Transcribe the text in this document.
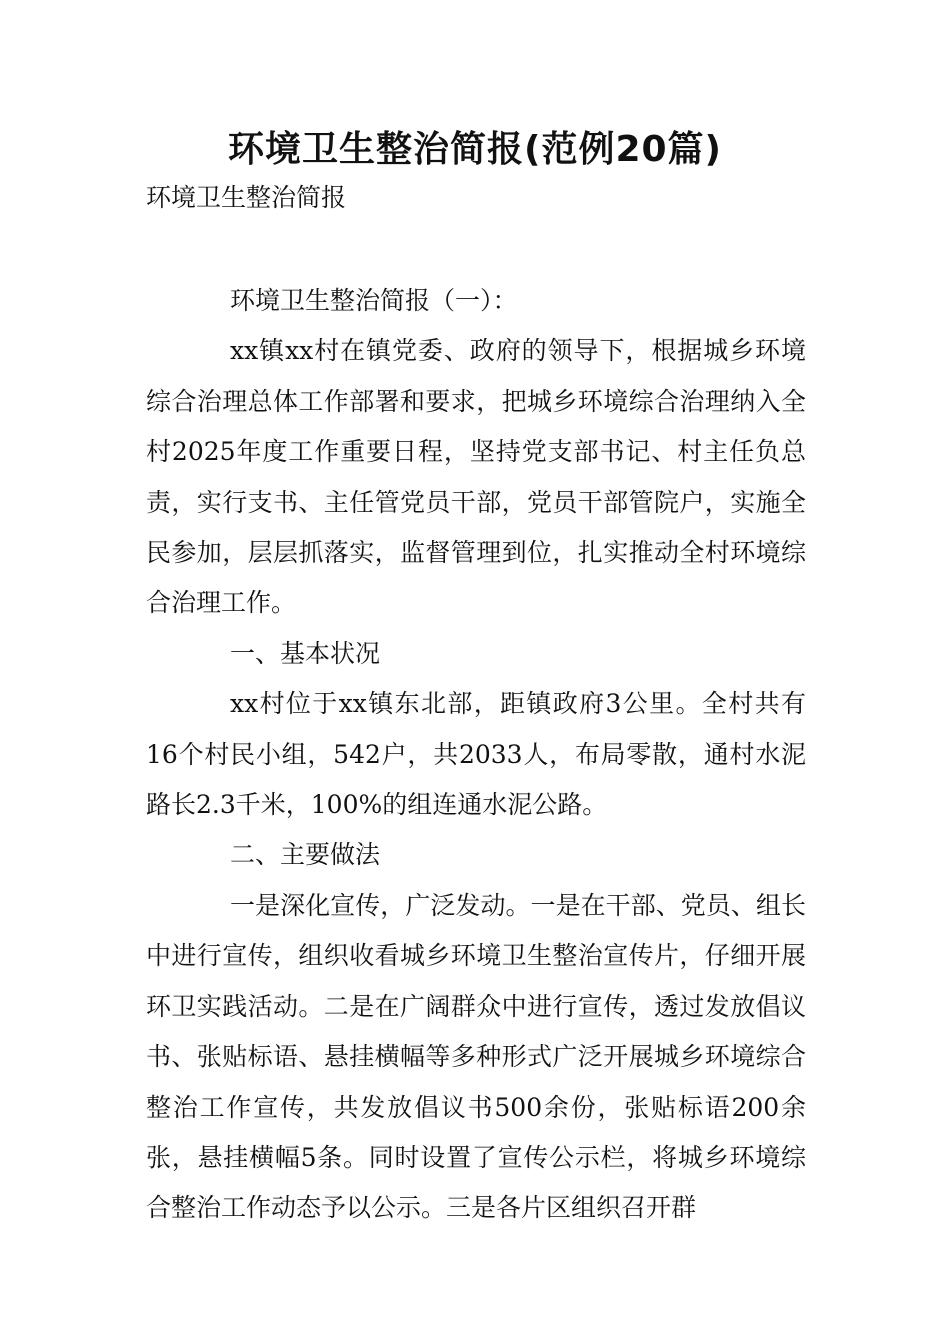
环境卫生整治简报(范例20篇)
环境卫生整治简报

环境卫生整治简报（一）：

xx镇xx村在镇党委、政府的领导下，根据城乡环境综合治理总体工作部署和要求，把城乡环境综合治理纳入全村2025年度工作重要日程，坚持党支部书记、村主任负总责，实行支书、主任管党员干部，党员干部管院户，实施全民参加，层层抓落实，监督管理到位，扎实推动全村环境综合治理工作。

一、基本状况

xx村位于xx镇东北部，距镇政府3公里。全村共有16个村民小组，542户，共2033人，布局零散，通村水泥路长2.3千米，100%的组连通水泥公路。

二、主要做法

一是深化宣传，广泛发动。一是在干部、党员、组长中进行宣传，组织收看城乡环境卫生整治宣传片，仔细开展环卫实践活动。二是在广阔群众中进行宣传，透过发放倡议书、张贴标语、悬挂横幅等多种形式广泛开展城乡环境综合整治工作宣传，共发放倡议书500余份，张贴标语200余张，悬挂横幅5条。同时设置了宣传公示栏，将城乡环境综合整治工作动态予以公示。三是各片区组织召开群
